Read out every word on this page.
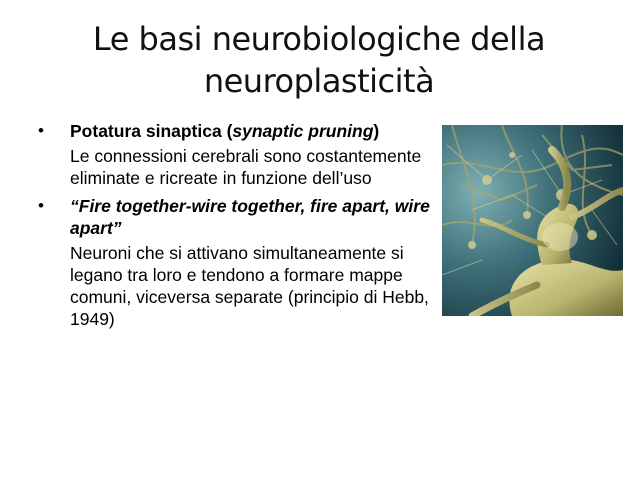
Le basi neurobiologiche della
neuroplasticità
• Potatura sinaptica (synaptic pruning)
Le connessioni cerebrali sono costantemente eliminate e ricreate in funzione dell’uso
• “Fire together-wire together, fire apart, wire apart”
Neuroni che si attivano simultaneamente si legano tra loro e tendono a formare mappe comuni, viceversa separate (principio di Hebb, 1949)
